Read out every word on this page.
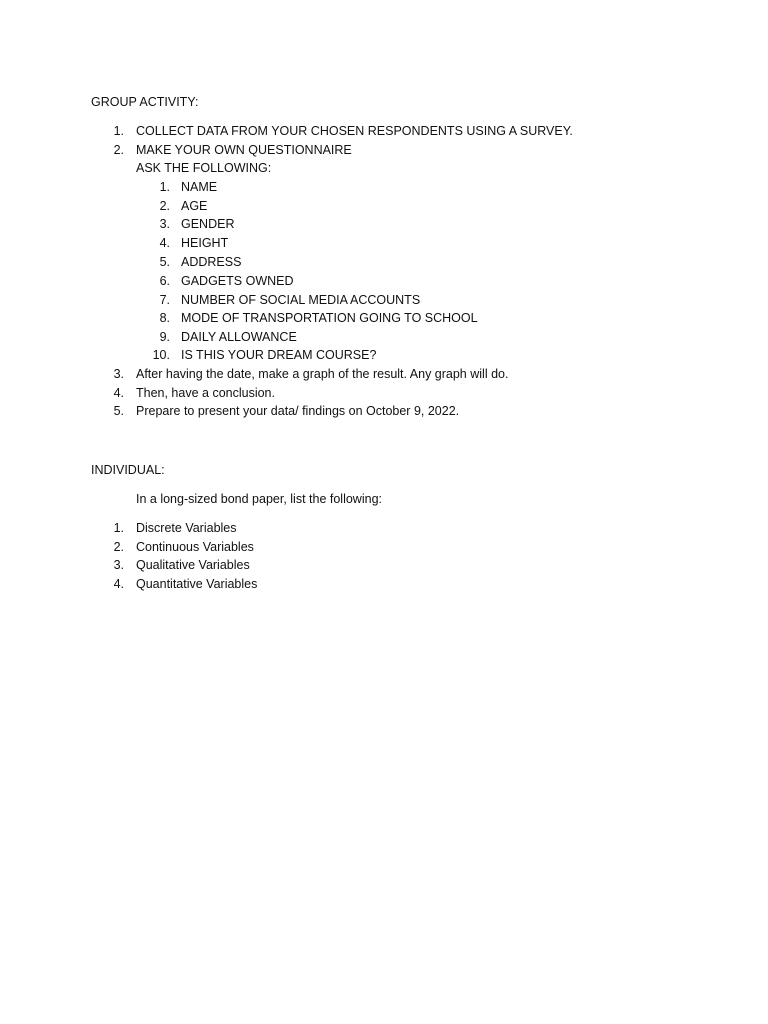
GROUP ACTIVITY:
1. COLLECT DATA FROM YOUR CHOSEN RESPONDENTS USING A SURVEY.
2. MAKE YOUR OWN QUESTIONNAIRE
ASK THE FOLLOWING:
1. NAME
2. AGE
3. GENDER
4. HEIGHT
5. ADDRESS
6. GADGETS OWNED
7. NUMBER OF SOCIAL MEDIA ACCOUNTS
8. MODE OF TRANSPORTATION GOING TO SCHOOL
9. DAILY ALLOWANCE
10. IS THIS YOUR DREAM COURSE?
3. After having the date, make a graph of the result. Any graph will do.
4. Then, have a conclusion.
5. Prepare to present your data/ findings on October 9, 2022.
INDIVIDUAL:
In a long-sized bond paper, list the following:
1. Discrete Variables
2. Continuous Variables
3. Qualitative Variables
4. Quantitative Variables
